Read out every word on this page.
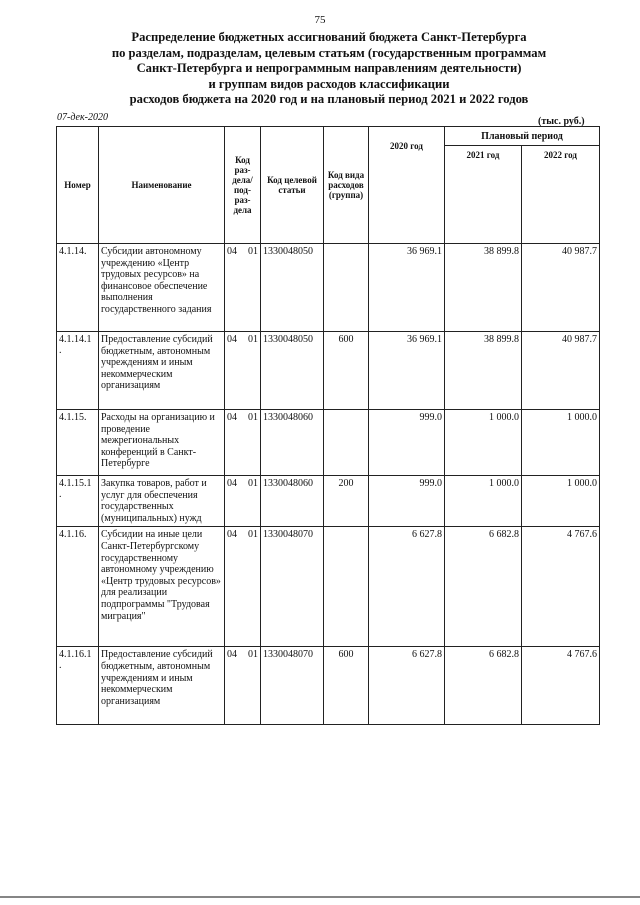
75
Распределение бюджетных ассигнований бюджета Санкт-Петербурга
по разделам, подразделам, целевым статьям (государственным программам
Санкт-Петербурга и непрограммным направлениям деятельности)
и группам видов расходов классификации
расходов бюджета на 2020 год и на плановый период 2021 и 2022 годов
07-дек-2020	(тыс. руб.)
Номер	Наименование	Код раз- дела/ под- раз- дела	Код целевой статьи	Код вида расходов (группа)	2020 год	Плановый период	
						2021 год	2022 год
4.1.14.	Субсидии автономному учреждению «Центр трудовых ресурсов» на финансовое обеспечение выполнения государственного задания	04 01	1330048050		36 969.1	38 899.8	40 987.7
4.1.14.1 .	Предоставление субсидий бюджетным, автономным учреждениям и иным некоммерческим организациям	04 01	1330048050	600	36 969.1	38 899.8	40 987.7
4.1.15.	Расходы на организацию и проведение межрегиональных конференций в Санкт-Петербурге	04 01	1330048060		999.0	1 000.0	1 000.0
4.1.15.1 .	Закупка товаров, работ и услуг для обеспечения государственных (муниципальных) нужд	04 01	1330048060	200	999.0	1 000.0	1 000.0
4.1.16.	Субсидии на иные цели Санкт-Петербургскому государственному автономному учреждению «Центр трудовых ресурсов» для реализации подпрограммы "Трудовая миграция"	04 01	1330048070		6 627.8	6 682.8	4 767.6
4.1.16.1 .	Предоставление субсидий бюджетным, автономным учреждениям и иным некоммерческим организациям	04 01	1330048070	600	6 627.8	6 682.8	4 767.6
